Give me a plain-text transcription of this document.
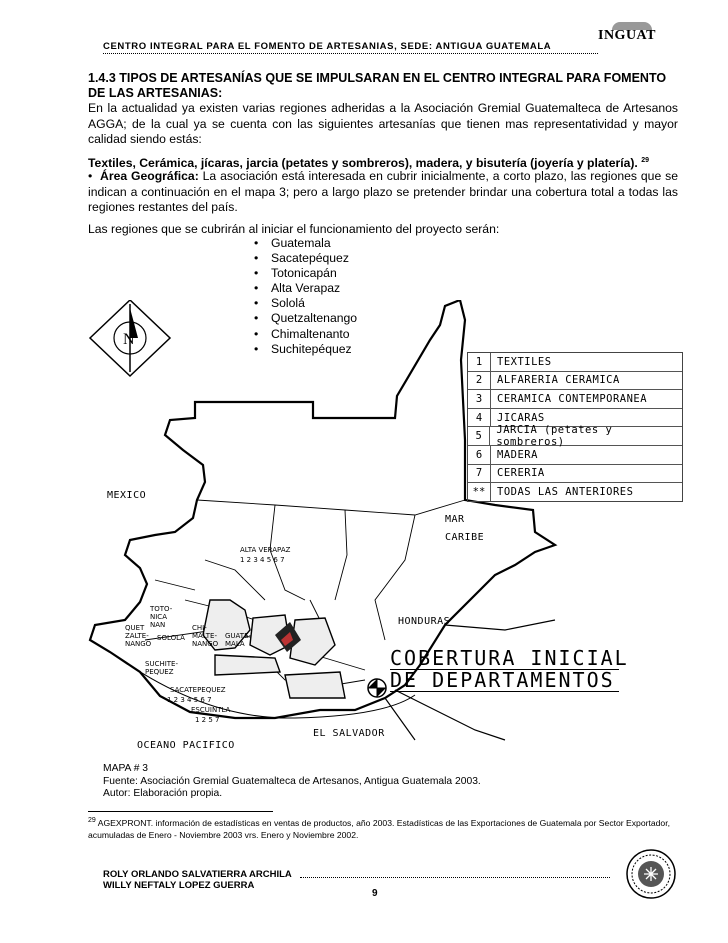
CENTRO INTEGRAL PARA EL FOMENTO DE ARTESANIAS, SEDE: ANTIGUA GUATEMALA
INGUAT
1.4.3 TIPOS DE ARTESANÍAS QUE SE IMPULSARAN EN EL CENTRO INTEGRAL PARA FOMENTO DE LAS ARTESANIAS:
En la actualidad ya existen varias regiones adheridas a la Asociación Gremial Guatemalteca de Artesanos AGGA; de la cual ya se cuenta con las siguientes artesanías que tienen mas representatividad y mayor calidad siendo estás:
Textiles, Cerámica, jícaras, jarcia (petates y sombreros), madera, y bisutería (joyería y platería). $^{29}$
•  Área Geográfica: La asociación está interesada en cubrir inicialmente, a corto plazo, las regiones que se indican a continuación en el mapa 3; pero a largo plazo se pretender brindar una cobertura total a todas las regiones restantes del país.
Las regiones que se cubrirán al iniciar el funcionamiento del proyecto serán:
• Guatemala
• Sacatepéquez
• Totonicapán
• Alta Verapaz
• Sololá
• Quetzaltenango
• Chimaltenanto
• Suchitepéquez
N
MEXICO
MAR
CARIBE
HONDURAS
EL SALVADOR
OCEANO PACIFICO
ALTA VERAPAZ
1 2 3 4 5 6 7
TOTO-
NICA
NAN
QUET
ZALTE-
NANGO
SOLOLA
CHI-
MALTE-
NANGO
GUATE-
MALA
SUCHITE-
PEQUEZ
SACATEPEQUEZ
1 2 3 4 5 6 7
ESCUINTLA
1 2 5 7
1	TEXTILES
2	ALFARERIA CERAMICA
3	CERAMICA CONTEMPORANEA
4	JICARAS
5	JARCIA (petates y sombreros)
6	MADERA
7	CERERIA
**	TODAS LAS ANTERIORES
COBERTURA INICIAL
DE DEPARTAMENTOS
MAPA # 3
Fuente: Asociación Gremial Guatemalteca de Artesanos, Antigua Guatemala 2003.
Autor: Elaboración propia.
$^{29}$ AGEXPRONT. información de estadísticas en ventas de productos, año 2003. Estadísticas de las Exportaciones de Guatemala por Sector Exportador, acumuladas de Enero - Noviembre 2003 vrs. Enero y Noviembre 2002.
ROLY ORLANDO SALVATIERRA ARCHILA
WILLY NEFTALY LOPEZ GUERRA
9
